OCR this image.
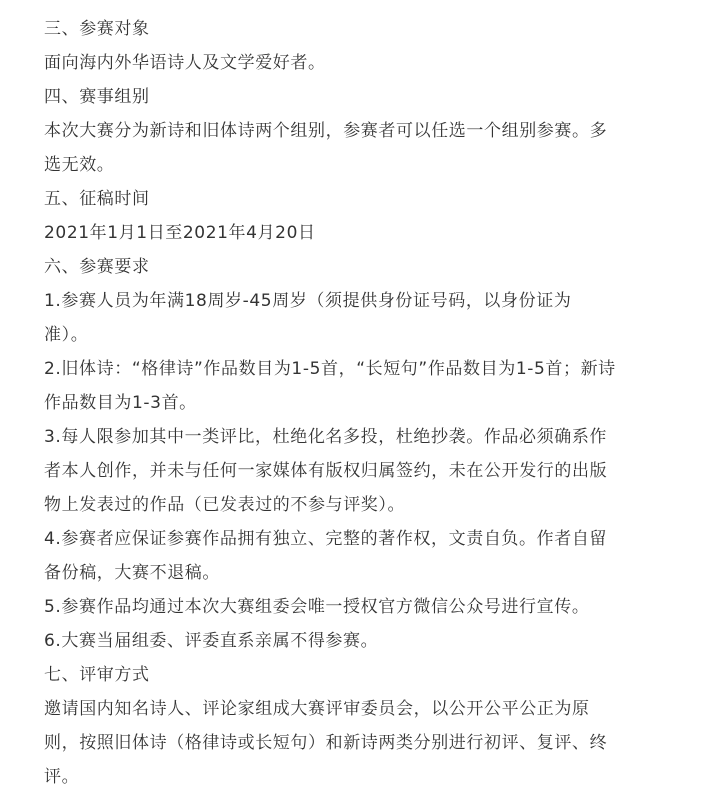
三、参赛对象
面向海内外华语诗人及文学爱好者。
四、赛事组别
本次大赛分为新诗和旧体诗两个组别，参赛者可以任选一个组别参赛。多
选无效。
五、征稿时间
2021年1月1日至2021年4月20日
六、参赛要求
1.参赛人员为年满18周岁-45周岁（须提供身份证号码，以身份证为
准）。
2.旧体诗：“格律诗”作品数目为1-5首，“长短句”作品数目为1-5首；新诗
作品数目为1-3首。
3.每人限参加其中一类评比，杜绝化名多投，杜绝抄袭。作品必须确系作
者本人创作，并未与任何一家媒体有版权归属签约，未在公开发行的出版
物上发表过的作品（已发表过的不参与评奖）。
4.参赛者应保证参赛作品拥有独立、完整的著作权，文责自负。作者自留
备份稿，大赛不退稿。
5.参赛作品均通过本次大赛组委会唯一授权官方微信公众号进行宣传。
6.大赛当届组委、评委直系亲属不得参赛。
七、评审方式
邀请国内知名诗人、评论家组成大赛评审委员会，以公开公平公正为原
则，按照旧体诗（格律诗或长短句）和新诗两类分别进行初评、复评、终
评。
